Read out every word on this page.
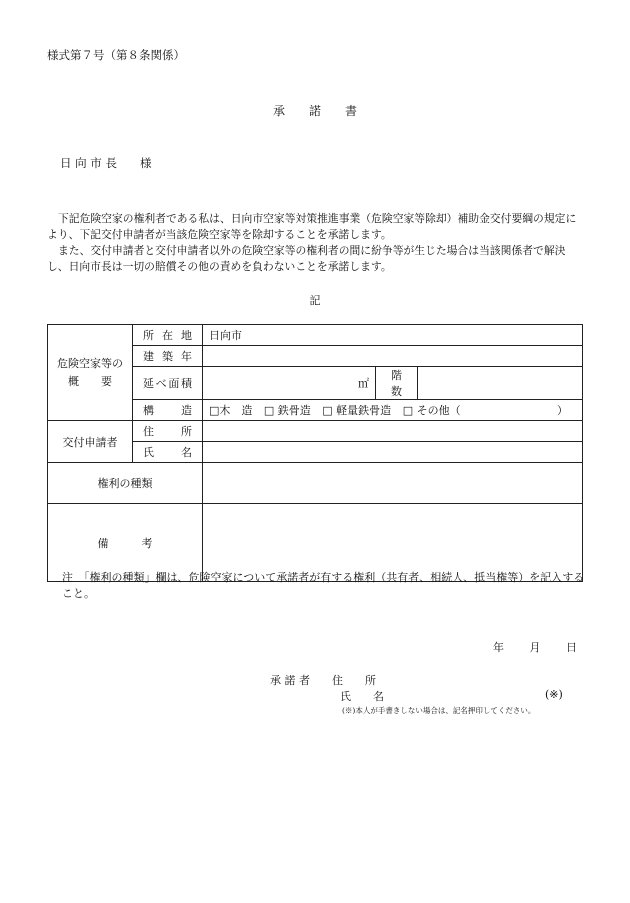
様式第７号（第８条関係）
承　　諾　　書
日 向 市 長　　様

下記危険空家の権利者である私は、日向市空家等対策推進事業（危険空家等除却）補助金交付要綱の規定により、下記交付申請者が当該危険空家等を除却することを承諾します。

また、交付申請者と交付申請者以外の危険空家等の権利者の間に紛争等が生じた場合は当該関係者で解決し、日向市長は一切の賠償その他の責めを負わないことを承諾します。

記
危険空家等の
概　　要	所 在 地	日向市		
	建 築 年			
	延べ面積	㎡	階　数	
	構　　造	□木　造 □ 鉄骨造 □ 軽量鉄骨造 □ その他（ ）		

交付申請者	住　　所			
	氏　　名			
権利の種類				
備　　　考				
注　「権利の種類」欄は、危険空家について承諾者が有する権利（共有者、相続人、抵当権等）を記入すること。
年 月 日
承 諾 者　　住　　所
氏　　名	(※)
(※)本人が手書きしない場合は、記名押印してください。
